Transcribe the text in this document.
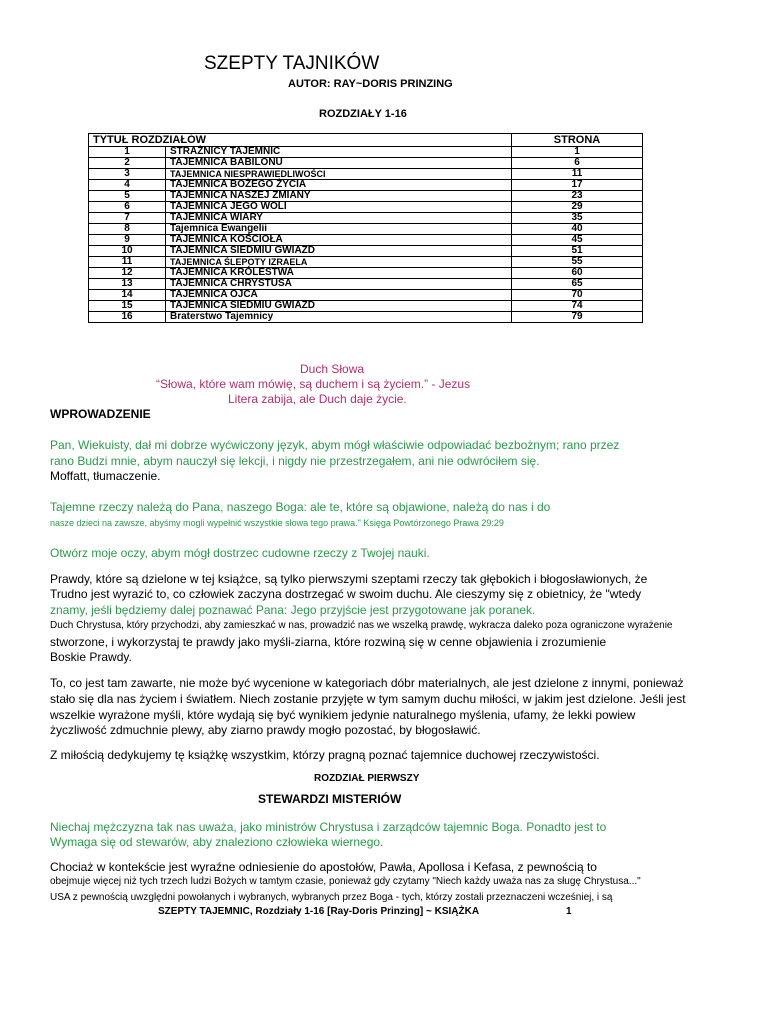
SZEPTY TAJNIKÓW
AUTOR: RAY~DORIS PRINZING
ROZDZIAŁY 1-16
TYTUŁ ROZDZIAŁÓW		STRONA
1	STRAŻNICY TAJEMNIC	1
2	TAJEMNICA BABILONU	6
3	TAJEMNICA NIESPRAWIEDLIWOŚCI	11
4	TAJEMNICA BOŻEGO ŻYCIA	17
5	TAJEMNICA NASZEJ ZMIANY	23
6	TAJEMNICA JEGO WOLI	29
7	TAJEMNICA WIARY	35
8	Tajemnica Ewangelii	40
9	TAJEMNICA KOŚCIOŁA	45
10	TAJEMNICA SIEDMIU GWIAZD	51
11	TAJEMNICA ŚLEPOTY IZRAELA	55
12	TAJEMNICA KRÓLESTWA	60
13	TAJEMNICA CHRYSTUSA	65
14	TAJEMNICA OJCA	70
15	TAJEMNICA SIEDMIU GWIAZD	74
16	Braterstwo Tajemnicy	79
Duch Słowa
“Słowa, które wam mówię, są duchem i są życiem.” - Jezus
Litera zabija, ale Duch daje życie.
WPROWADZENIE
Pan, Wiekuisty, dał mi dobrze wyćwiczony język, abym mógł właściwie odpowiadać bezbożnym; rano przez
rano Budzi mnie, abym nauczył się lekcji, i nigdy nie przestrzegałem, ani nie odwróciłem się.
Moffatt, tłumaczenie.
Tajemne rzeczy należą do Pana, naszego Boga: ale te, które są objawione, należą do nas i do
nasze dzieci na zawsze, abyśmy mogli wypełnić wszystkie słowa tego prawa." Księga Powtórzonego Prawa 29:29
Otwórz moje oczy, abym mógł dostrzec cudowne rzeczy z Twojej nauki.
Prawdy, które są dzielone w tej książce, są tylko pierwszymi szeptami rzeczy tak głębokich i błogosławionych, że
Trudno jest wyrazić to, co człowiek zaczyna dostrzegać w swoim duchu. Ale cieszymy się z obietnicy, że "wtedy
znamy, jeśli będziemy dalej poznawać Pana: Jego przyjście jest przygotowane jak poranek.
Duch Chrystusa, który przychodzi, aby zamieszkać w nas, prowadzić nas we wszelką prawdę, wykracza daleko poza ograniczone wyrażenie
stworzone, i wykorzystaj te prawdy jako myśli-ziarna, które rozwiną się w cenne objawienia i zrozumienie
Boskie Prawdy.
To, co jest tam zawarte, nie może być wycenione w kategoriach dóbr materialnych, ale jest dzielone z innymi, ponieważ
stało się dla nas życiem i światłem. Niech zostanie przyjęte w tym samym duchu miłości, w jakim jest dzielone. Jeśli jest
wszelkie wyrażone myśli, które wydają się być wynikiem jedynie naturalnego myślenia, ufamy, że lekki powiew
życzliwość zdmuchnie plewy, aby ziarno prawdy mogło pozostać, by błogosławić.
Z miłością dedykujemy tę książkę wszystkim, którzy pragną poznać tajemnice duchowej rzeczywistości.
ROZDZIAŁ PIERWSZY
STEWARDZI MISTERIÓW
Niechaj mężczyzna tak nas uważa, jako ministrów Chrystusa i zarządców tajemnic Boga. Ponadto jest to
Wymaga się od stewarów, aby znaleziono człowieka wiernego.
Chociaż w kontekście jest wyraźne odniesienie do apostołów, Pawła, Apollosa i Kefasa, z pewnością to
obejmuje więcej niż tych trzech ludzi Bożych w tamtym czasie, ponieważ gdy czytamy "Niech każdy uważa nas za sługę Chrystusa..."
USA z pewnością uwzględni powołanych i wybranych, wybranych przez Boga - tych, którzy zostali przeznaczeni wcześniej, i są
SZEPTY TAJEMNIC, Rozdziały 1-16 [Ray-Doris Prinzing] ~ KSIĄŻKA	1
